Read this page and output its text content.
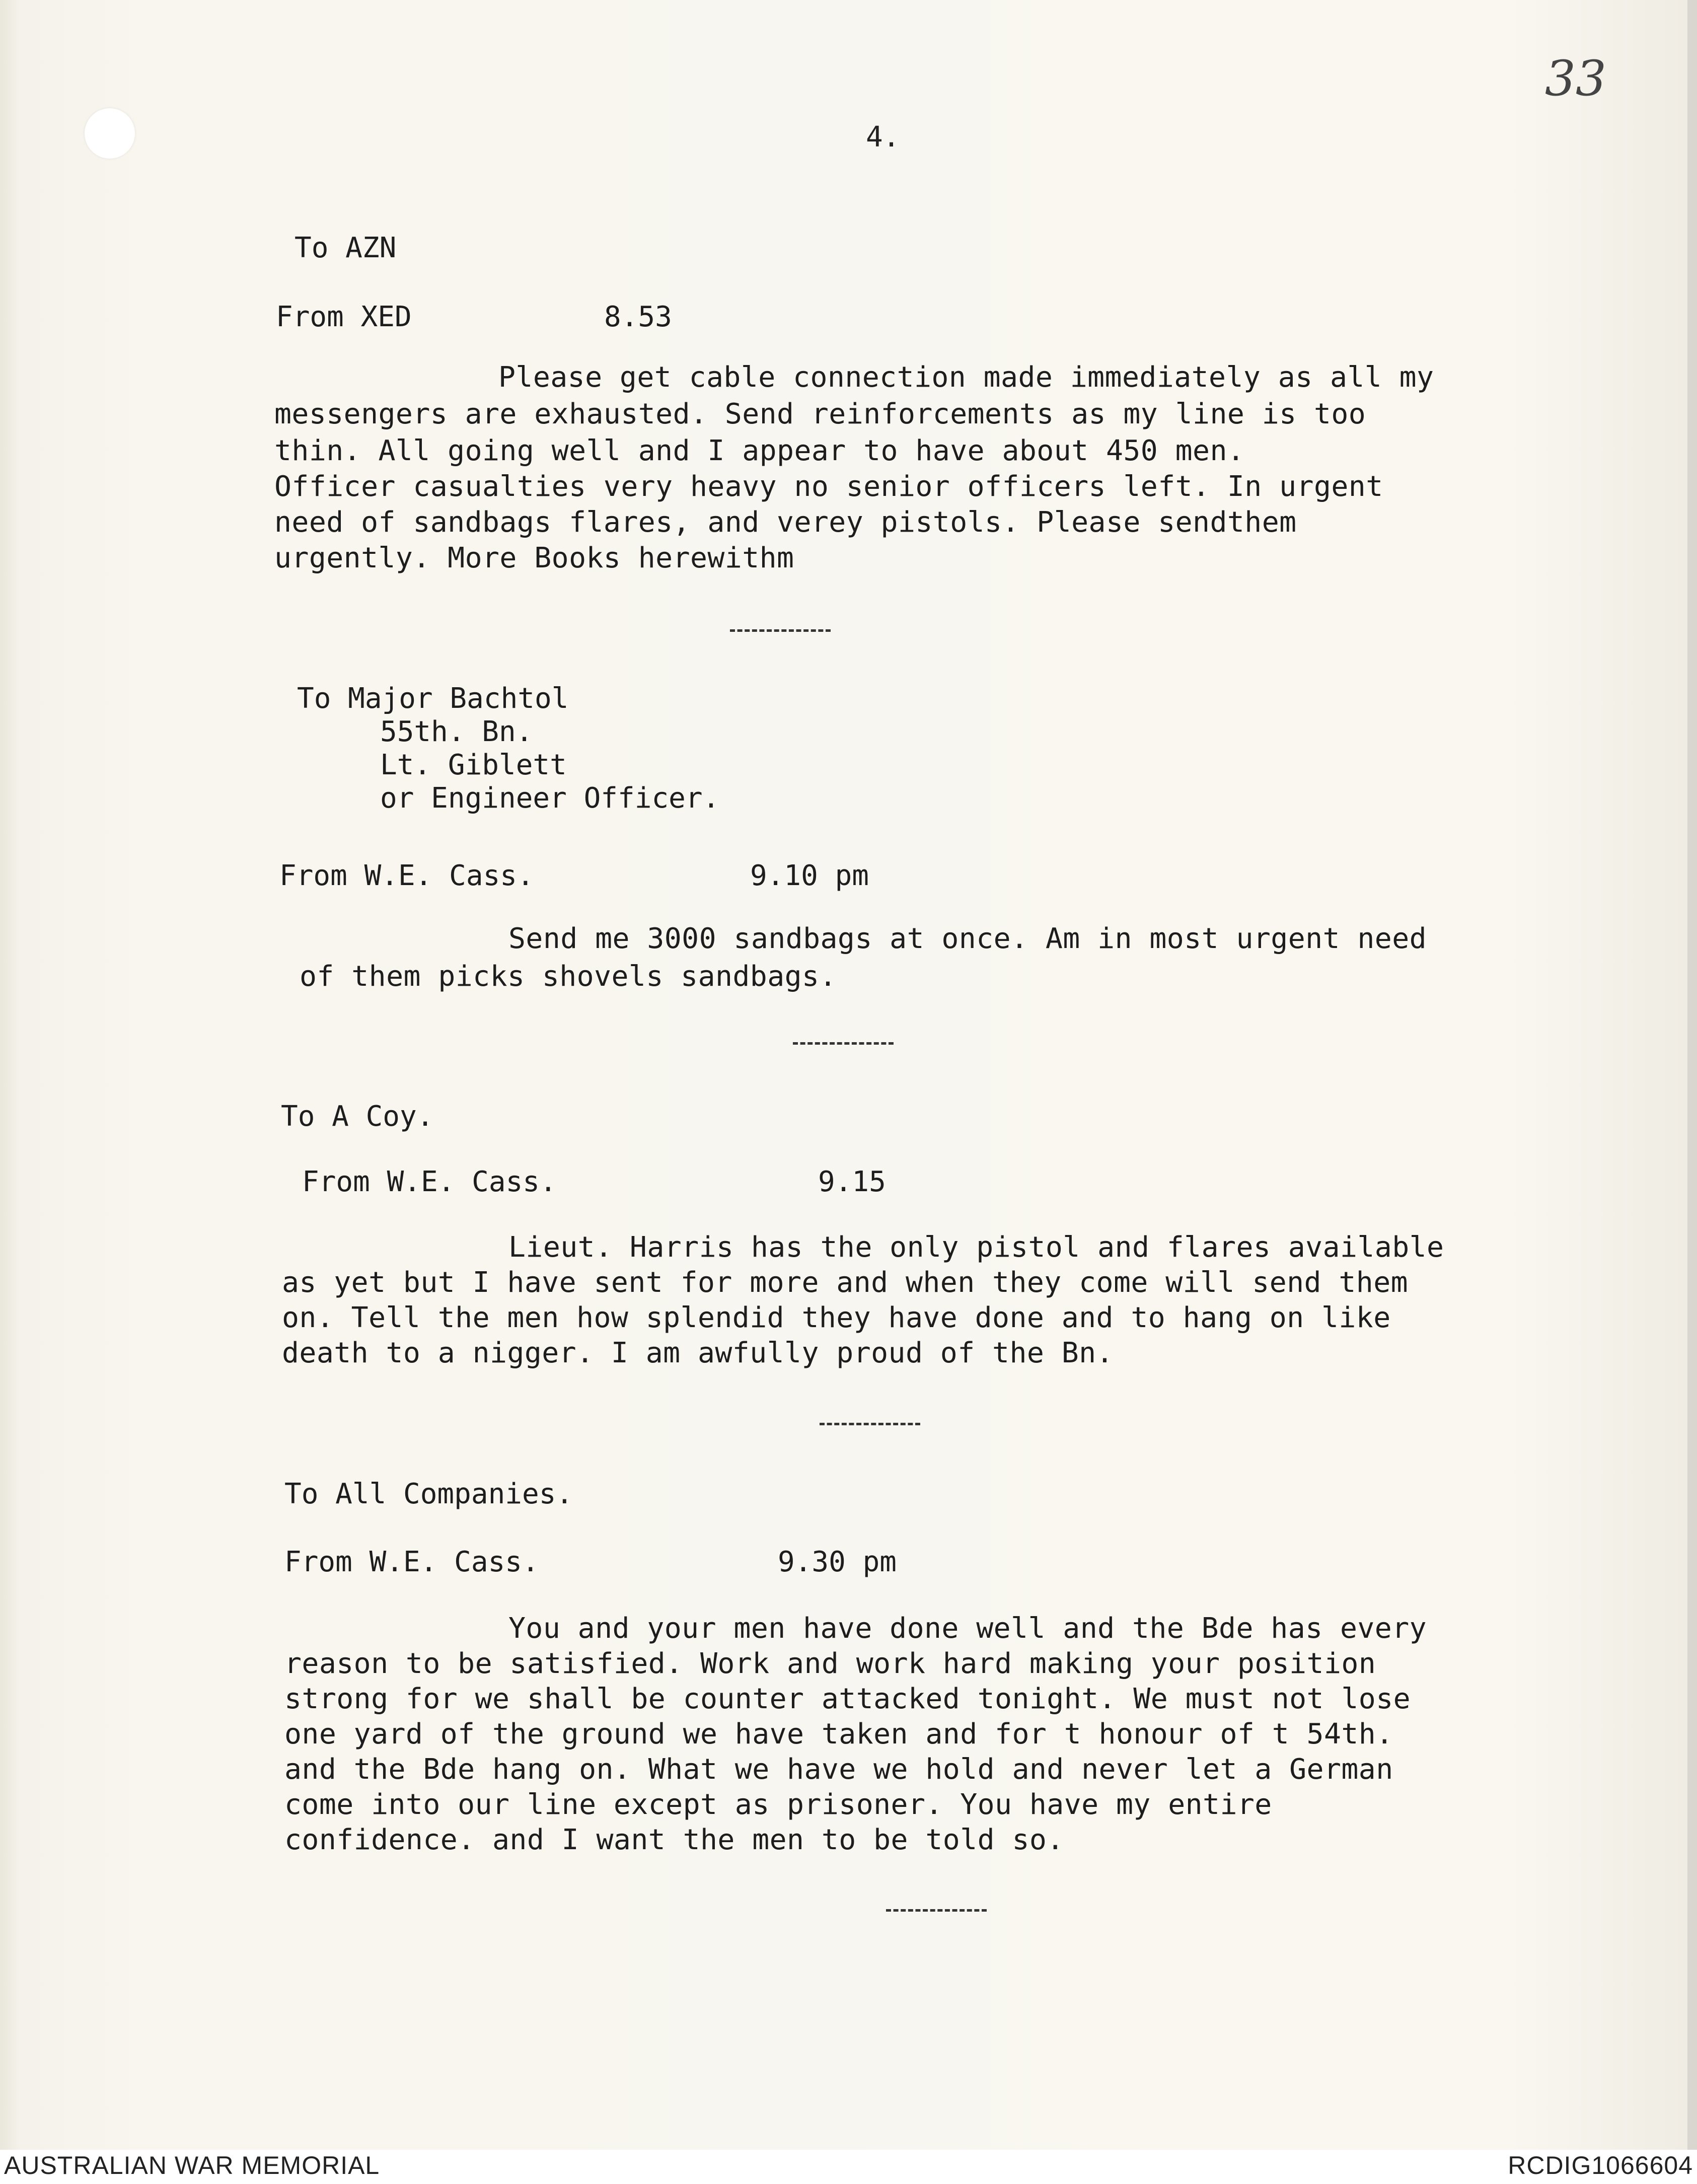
33
4.
To AZN
From XED	8.53
Please get cable connection made immediately as all my
messengers are exhausted. Send reinforcements as my line is too
thin. All going well and I appear to have about 450 men.
Officer casualties very heavy no senior officers left. In urgent
need of sandbags flares, and verey pistols. Please sendthem
urgently. More Books herewithm
To Major Bachtol
55th. Bn.
Lt. Giblett
or Engineer Officer.
From W.E. Cass.	9.10 pm
Send me 3000 sandbags at once. Am in most urgent need
of them picks shovels sandbags.
To A Coy.
From W.E. Cass.	9.15
Lieut. Harris has the only pistol and flares available
as yet but I have sent for more and when they come will send them
on. Tell the men how splendid they have done and to hang on like
death to a nigger. I am awfully proud of the Bn.
To All Companies.
From W.E. Cass.	9.30 pm
You and your men have done well and the Bde has every
reason to be satisfied. Work and work hard making your position
strong for we shall be counter attacked tonight. We must not lose
one yard of the ground we have taken and for t honour of t 54th.
and the Bde hang on. What we have we hold and never let a German
come into our line except as prisoner. You have my entire
confidence. and I want the men to be told so.
AUSTRALIAN WAR MEMORIAL	RCDIG1066604
